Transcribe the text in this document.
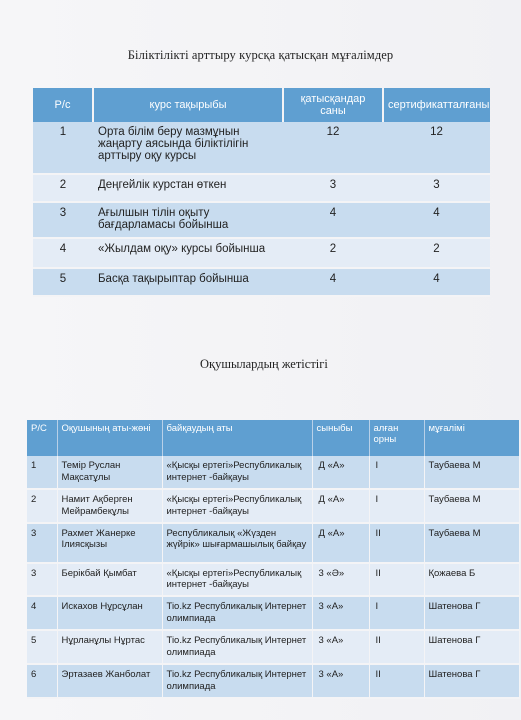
Біліктілікті арттыру курсқа қатысқан мұғалімдер
Р/с	курс тақырыбы	қатысқандар саны	сертификатталғаны
1	Орта білім беру мазмұнын жаңарту аясында біліктілігін арттыру оқу курсы	12	12
2	Деңгейлік курстан өткен	3	3
3	Ағылшын тілін оқыту бағдарламасы бойынша	4	4
4	«Жылдам оқу» курсы бойынша	2	2
5	Басқа тақырыптар бойынша	4	4
Оқушылардың жетістігі
Р/С	Оқушының аты-жөні	байқаудың аты	сыныбы	алған орны	мұғалімі
1	Темір Руслан Мақсатұлы	«Қысқы ертегі»Республикалық интернет -байқауы	Д «А»	І	Таубаева М
2	Намит Ақберген Мейрамбекұлы	«Қысқы ертегі»Республикалық интернет -байқауы	Д «А»	І	Таубаева М
3	Рахмет Жанерке Ілиясқызы	Республикалық «Жүзден жүйрік» шығармашылық байқау	Д «А»	ІІ	Таубаева М
3	Берікбай Қымбат	«Қысқы ертегі»Республикалық интернет -байқауы	3 «Ә»	ІІ	Қожаева Б
4	Искахов Нұрсұлан	Tio.kz Республикалық Интернет олимпиада	3 «А»	І	Шатенова Г
5	Нұрланұлы Нұртас	Tio.kz Республикалық Интернет олимпиада	3 «А»	ІІ	Шатенова Г
6	Эртазаев Жанболат	Tio.kz Республикалық Интернет олимпиада	3 «А»	ІІ	Шатенова Г
